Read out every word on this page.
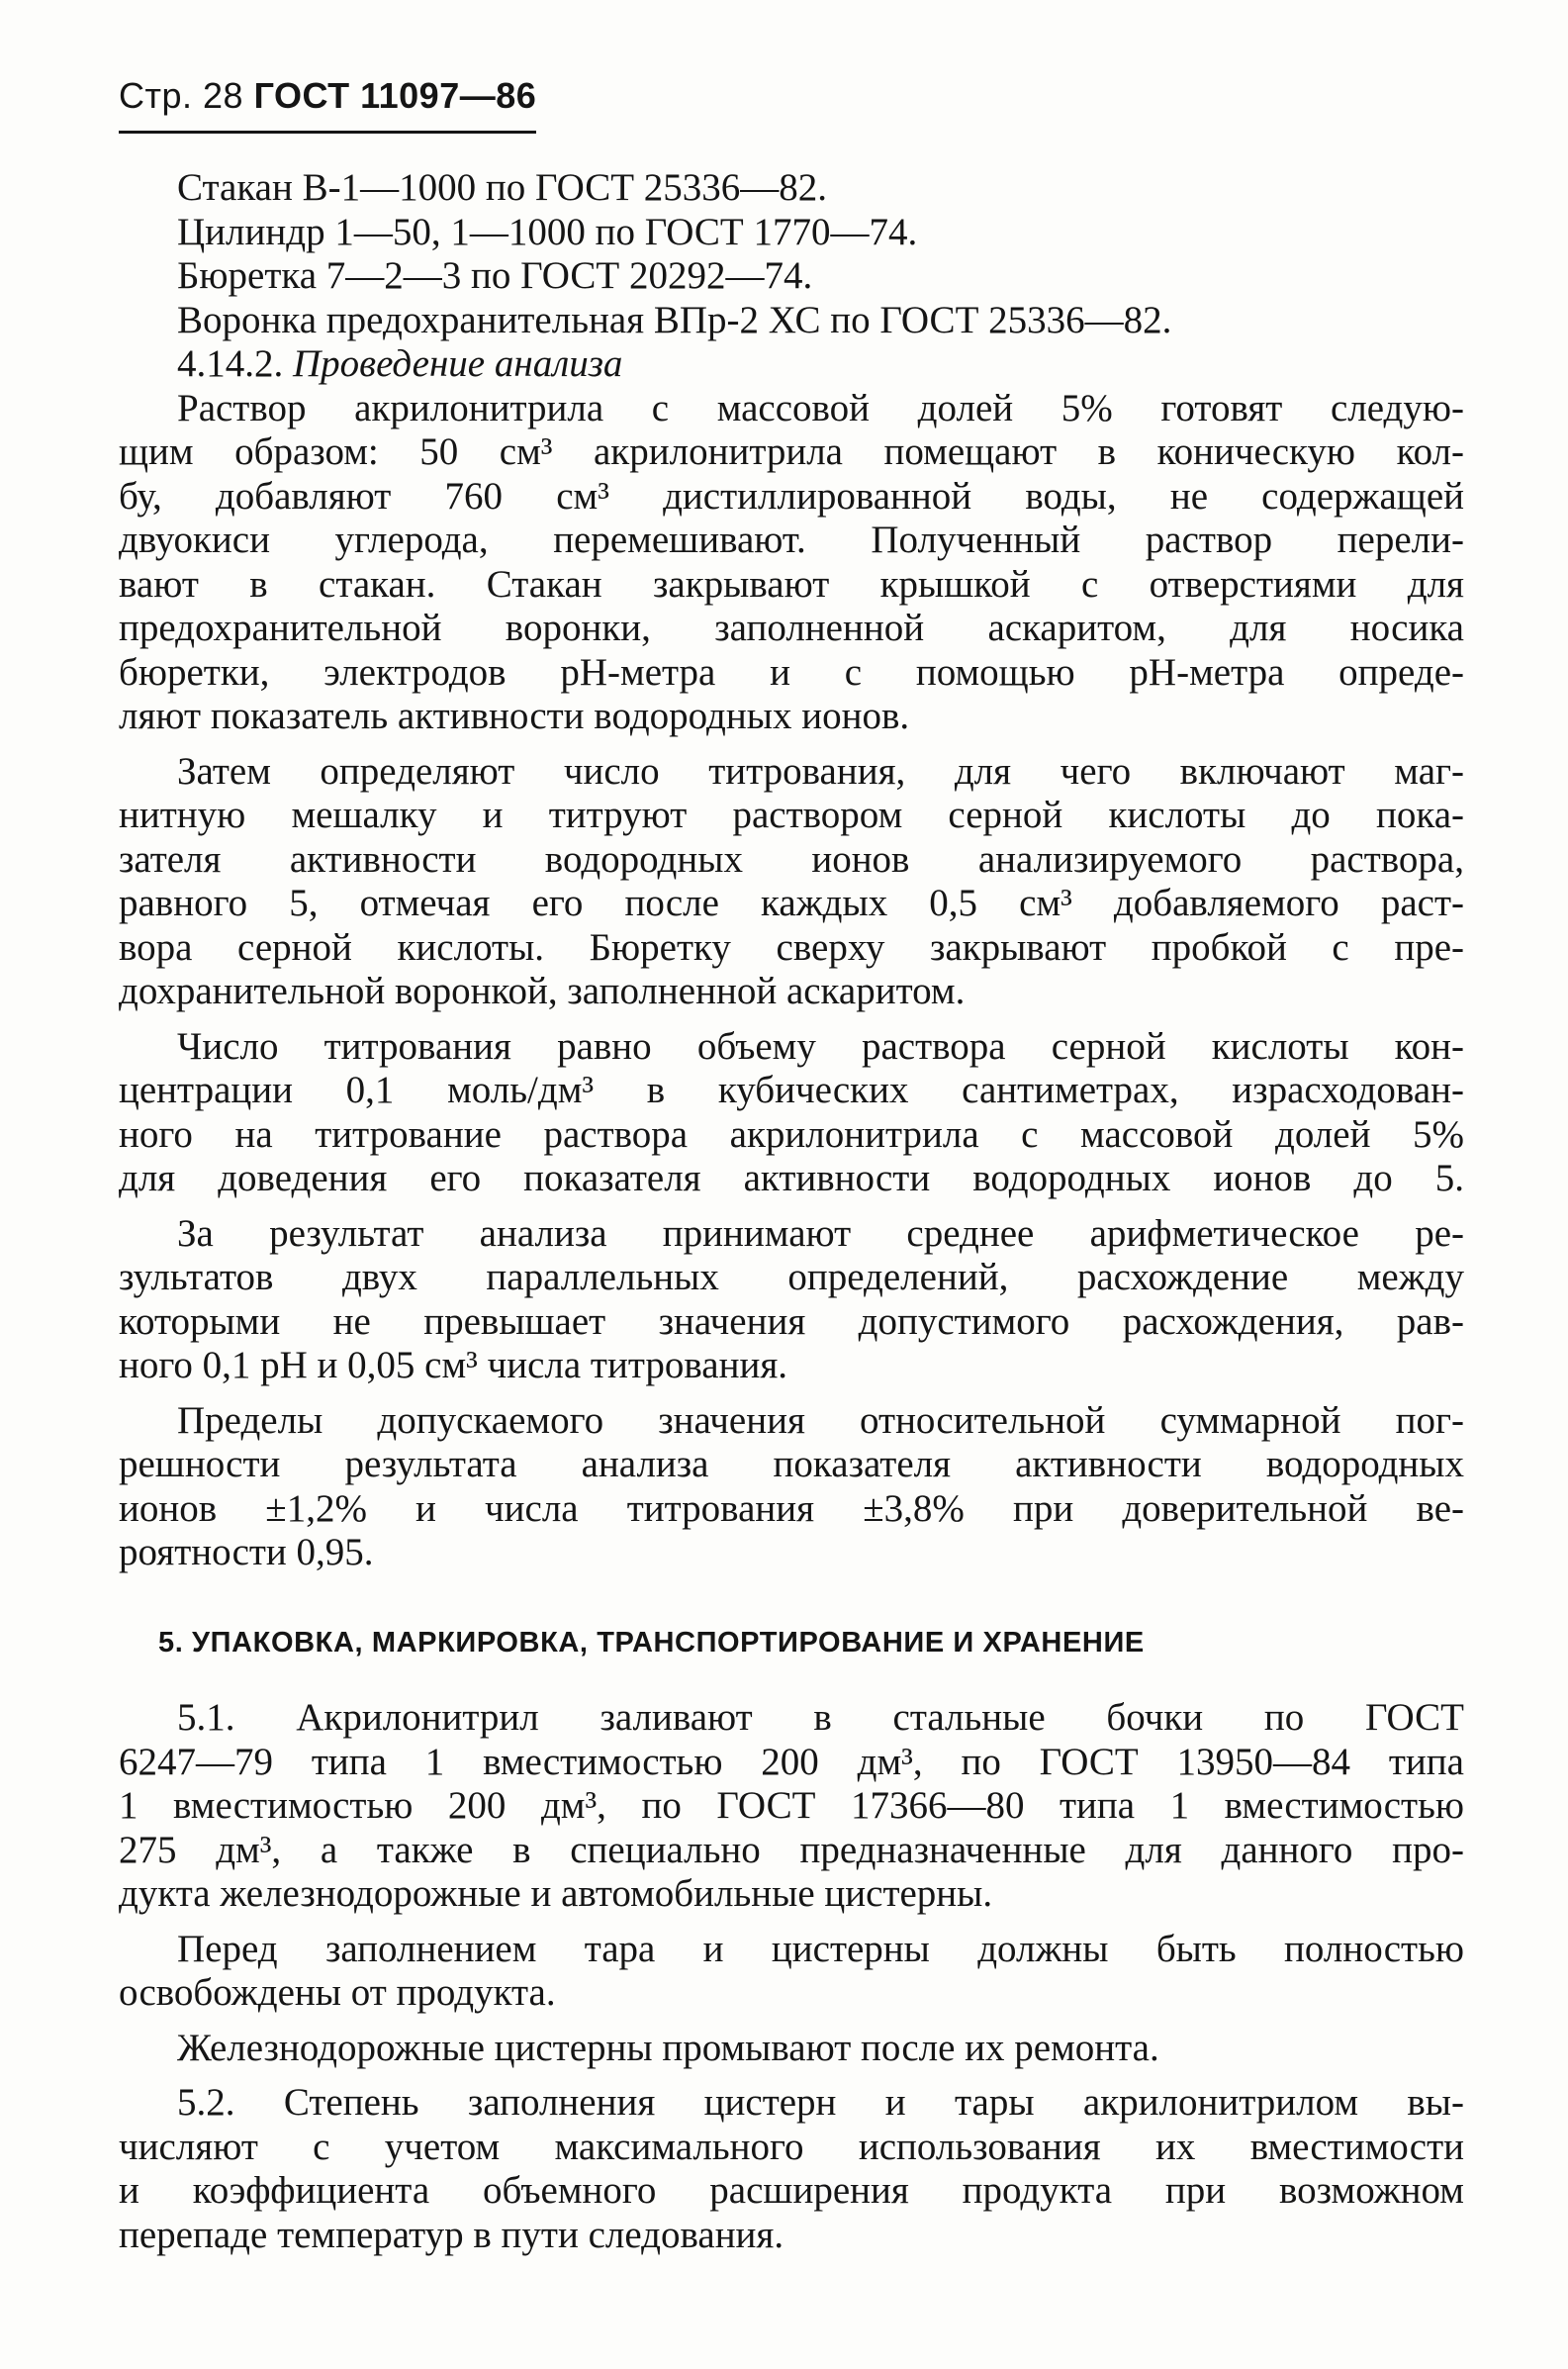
Стр. 28 ГОСТ 11097—86
Стакан В-1—1000 по ГОСТ 25336—82.
Цилиндр 1—50, 1—1000 по ГОСТ 1770—74.
Бюретка 7—2—3 по ГОСТ 20292—74.
Воронка предохранительная ВПр-2 ХС по ГОСТ 25336—82.
4.14.2. Проведение анализа
Раствор акрилонитрила с массовой долей 5% готовят следую-
щим образом: 50 см³ акрилонитрила помещают в коническую кол-
бу, добавляют 760 см³ дистиллированной воды, не содержащей
двуокиси углерода, перемешивают. Полученный раствор перели-
вают в стакан. Стакан закрывают крышкой с отверстиями для
предохранительной воронки, заполненной аскаритом, для носика
бюретки, электродов pH-метра и с помощью pH-метра опреде-
ляют показатель активности водородных ионов.
Затем определяют число титрования, для чего включают маг-
нитную мешалку и титруют раствором серной кислоты до пока-
зателя активности водородных ионов анализируемого раствора,
равного 5, отмечая его после каждых 0,5 см³ добавляемого раст-
вора серной кислоты. Бюретку сверху закрывают пробкой с пре-
дохранительной воронкой, заполненной аскаритом.
Число титрования равно объему раствора серной кислоты кон-
центрации 0,1 моль/дм³ в кубических сантиметрах, израсходован-
ного на титрование раствора акрилонитрила с массовой долей 5%
для доведения его показателя активности водородных ионов до 5.
За результат анализа принимают среднее арифметическое ре-
зультатов двух параллельных определений, расхождение между
которыми не превышает значения допустимого расхождения, рав-
ного 0,1 pH и 0,05 см³ числа титрования.
Пределы допускаемого значения относительной суммарной пог-
решности результата анализа показателя активности водородных
ионов ±1,2% и числа титрования ±3,8% при доверительной ве-
роятности 0,95.
5. УПАКОВКА, МАРКИРОВКА, ТРАНСПОРТИРОВАНИЕ И ХРАНЕНИЕ
5.1. Акрилонитрил заливают в стальные бочки по ГОСТ
6247—79 типа 1 вместимостью 200 дм³, по ГОСТ 13950—84 типа
1 вместимостью 200 дм³, по ГОСТ 17366—80 типа 1 вместимостью
275 дм³, а также в специально предназначенные для данного про-
дукта железнодорожные и автомобильные цистерны.
Перед заполнением тара и цистерны должны быть полностью
освобождены от продукта.
Железнодорожные цистерны промывают после их ремонта.
5.2. Степень заполнения цистерн и тары акрилонитрилом вы-
числяют с учетом максимального использования их вместимости
и коэффициента объемного расширения продукта при возможном
перепаде температур в пути следования.
